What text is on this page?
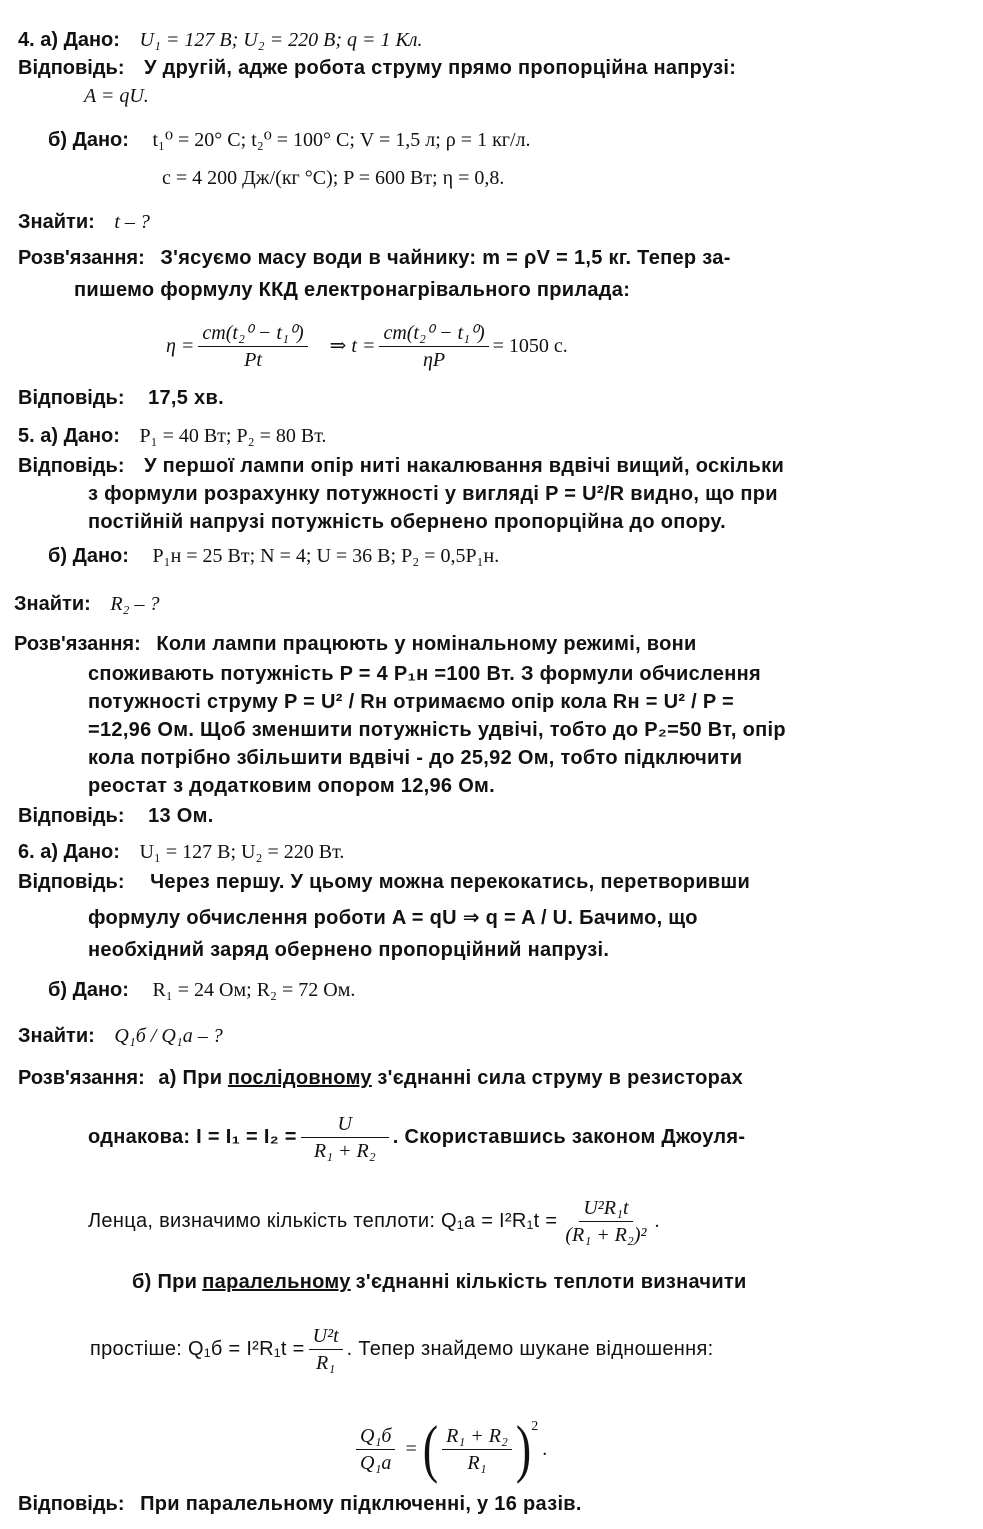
4. а) Дано: U₁ = 127 В; U₂ = 220 В; q = 1 Кл.
Відповідь: У другій, адже робота струму прямо пропорційна напрузі:
A = qU.
б) Дано: t₁⁰ = 20° С; t₂⁰ = 100° С; V = 1,5 л; ρ = 1 кг/л.
c = 4 200 Дж/(кг °С); P = 600 Вт; η = 0,8.
Знайти: t – ?
Розв'язання: З'ясуємо масу води в чайнику: m = ρV = 1,5 кг. Тепер за-
пишемо формулу ККД електронагрівального прилада:
$\eta = \frac{\text{cm(t₂⁰ − t₁⁰)}}{Pt}$ ⇒ $t = \frac{\text{cm(t₂⁰ − t₁⁰)}}{\eta P} = 1050$ с.
Відповідь: 17,5 хв.
5. а) Дано: P₁ = 40 Вт; P₂ = 80 Вт.
Відповідь: У першої лампи опір нитi накалювання вдвічі вищий, оскільки
з формули розрахунку потужності у вигляді P = U²/R видно, що при
постійній напрузі потужність обернено пропорційна до опору.
б) Дано: P₁н = 25 Вт; N = 4; U = 36 В; P₂ = 0,5P₁н.
Знайти: R₂ – ?
Розв'язання: Коли лампи працюють у номінальному режимі, вони
споживають потужність P = 4 P₁н =100 Вт. З формули обчислення
потужності струму P = U² / Rн отримаємо опір кола Rн = U² / P =
=12,96 Ом. Щоб зменшити потужність удвічі, тобто до P₂=50 Вт, опір
кола потрібно збільшити вдвічі - до 25,92 Ом, тобто підключити
реостат з додатковим опором 12,96 Ом.
Відповідь: 13 Ом.
6. а) Дано: U₁ = 127 В; U₂ = 220 Вт.
Відповідь: Через першу. У цьому можна перекокатись, перетворивши
формулу обчислення роботи A = qU ⇒ q = A / U. Бачимо, що
необхідний заряд обернено пропорційний напрузі.
б) Дано: R₁ = 24 Ом; R₂ = 72 Ом.
Знайти: Q₁б / Q₁а – ?
Розв'язання: а) При послідовному з'єднанні сила струму в резисторах
однакова: $I = I_1 = I_2 = \frac{U}{\text{R₁ + R₂}}$ . Скориставшись законом Джоуля-
Ленца, визначимо кількість теплоти: $Q_1а = I^2R_1t = \frac{\text{U²R₁t}}{\text{(R₁ + R₂)²}}$ .
б) При паралельному з'єднанні кількість теплоти визначити
простіше: $Q_1б = I^2R_1t = \frac{\text{U²t}}{\text{R₁}}$ . Тепер знайдемо шукане відношення:
$\frac{\text{Q₁б}}{\text{Q₁а}}$ = ( $\frac{\text{R₁ + R₂}}{\text{R₁}}$ ) 2
.
Відповідь: При паралельному підключенні, у 16 разів.
